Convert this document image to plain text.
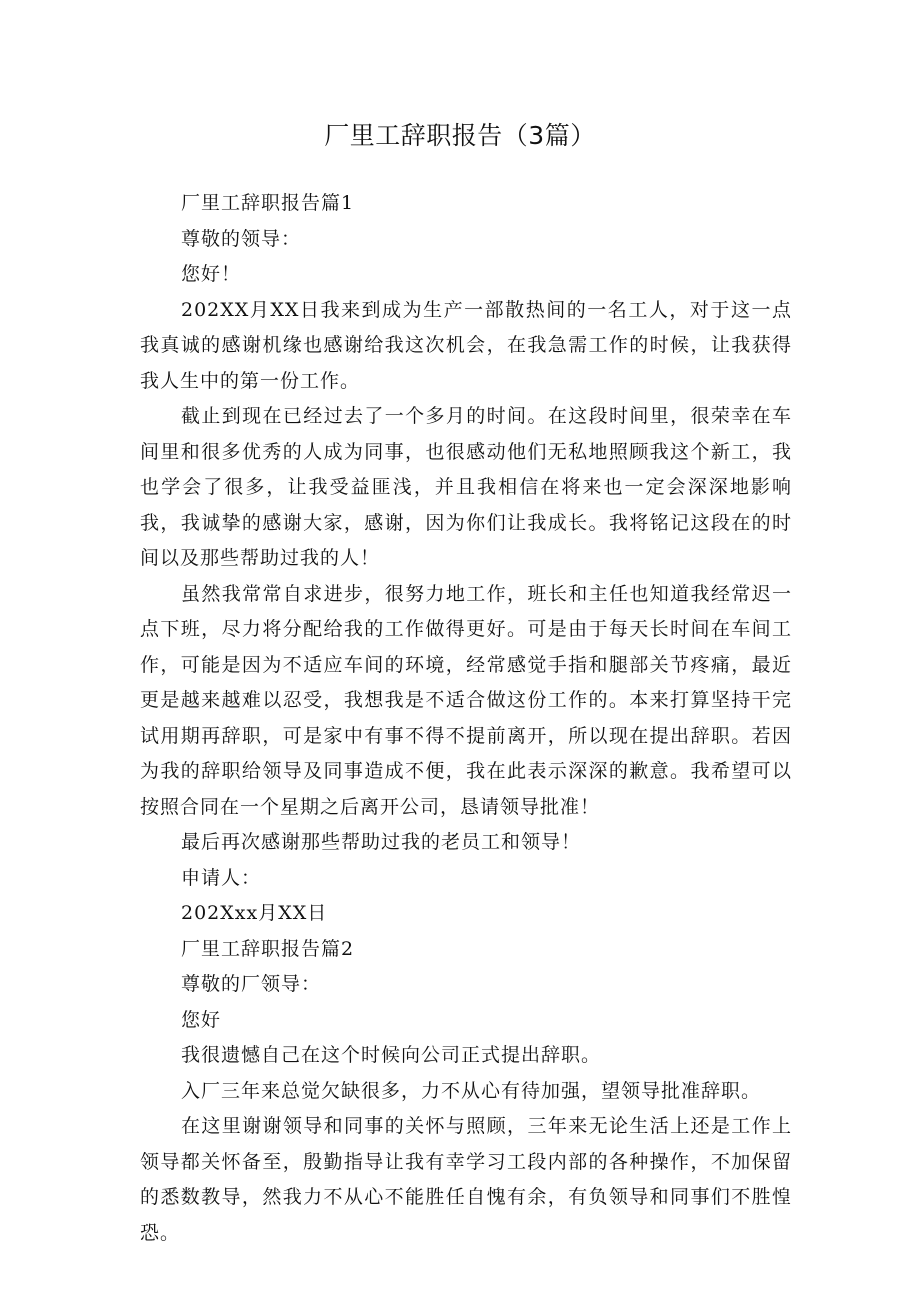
厂里工辞职报告（3篇）

厂里工辞职报告篇1

尊敬的领导：

您好！

202XX月XX日我来到成为生产一部散热间的一名工人，对于这一点我真诚的感谢机缘也感谢给我这次机会，在我急需工作的时候，让我获得我人生中的第一份工作。

截止到现在已经过去了一个多月的时间。在这段时间里，很荣幸在车间里和很多优秀的人成为同事，也很感动他们无私地照顾我这个新工，我也学会了很多，让我受益匪浅，并且我相信在将来也一定会深深地影响我，我诚挚的感谢大家，感谢，因为你们让我成长。我将铭记这段在的时间以及那些帮助过我的人！

虽然我常常自求进步，很努力地工作，班长和主任也知道我经常迟一点下班，尽力将分配给我的工作做得更好。可是由于每天长时间在车间工作，可能是因为不适应车间的环境，经常感觉手指和腿部关节疼痛，最近更是越来越难以忍受，我想我是不适合做这份工作的。本来打算坚持干完试用期再辞职，可是家中有事不得不提前离开，所以现在提出辞职。若因为我的辞职给领导及同事造成不便，我在此表示深深的歉意。我希望可以按照合同在一个星期之后离开公司，恳请领导批准！

最后再次感谢那些帮助过我的老员工和领导！

申请人：

202Xxx月XX日

厂里工辞职报告篇2

尊敬的厂领导：

您好

我很遗憾自己在这个时候向公司正式提出辞职。

入厂三年来总觉欠缺很多，力不从心有待加强，望领导批准辞职。

在这里谢谢领导和同事的关怀与照顾，三年来无论生活上还是工作上领导都关怀备至，殷勤指导让我有幸学习工段内部的各种操作，不加保留的悉数教导，然我力不从心不能胜任自愧有余，有负领导和同事们不胜惶恐。
